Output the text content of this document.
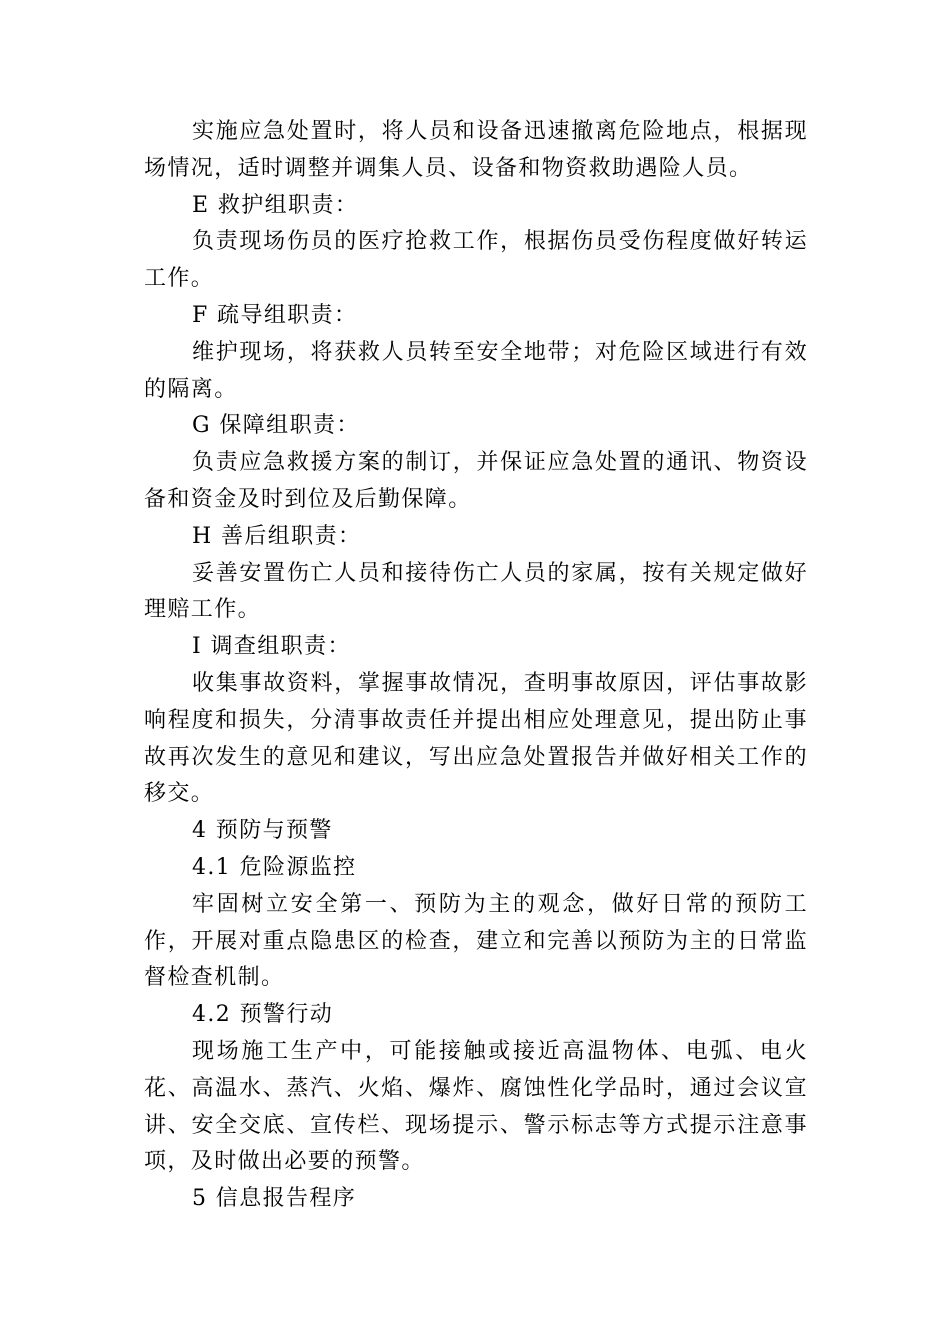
实施应急处置时，将人员和设备迅速撤离危险地点，根据现场情况，适时调整并调集人员、设备和物资救助遇险人员。

E 救护组职责：

负责现场伤员的医疗抢救工作，根据伤员受伤程度做好转运工作。

F 疏导组职责：

维护现场，将获救人员转至安全地带；对危险区域进行有效的隔离。

G 保障组职责：

负责应急救援方案的制订，并保证应急处置的通讯、物资设备和资金及时到位及后勤保障。

H 善后组职责：

妥善安置伤亡人员和接待伤亡人员的家属，按有关规定做好理赔工作。

I 调查组职责：

收集事故资料，掌握事故情况，查明事故原因，评估事故影响程度和损失，分清事故责任并提出相应处理意见，提出防止事故再次发生的意见和建议，写出应急处置报告并做好相关工作的移交。

4 预防与预警

4.1 危险源监控

牢固树立安全第一、预防为主的观念，做好日常的预防工作，开展对重点隐患区的检查，建立和完善以预防为主的日常监督检查机制。

4.2 预警行动

现场施工生产中，可能接触或接近高温物体、电弧、电火花、高温水、蒸汽、火焰、爆炸、腐蚀性化学品时，通过会议宣讲、安全交底、宣传栏、现场提示、警示标志等方式提示注意事项，及时做出必要的预警。

5 信息报告程序
